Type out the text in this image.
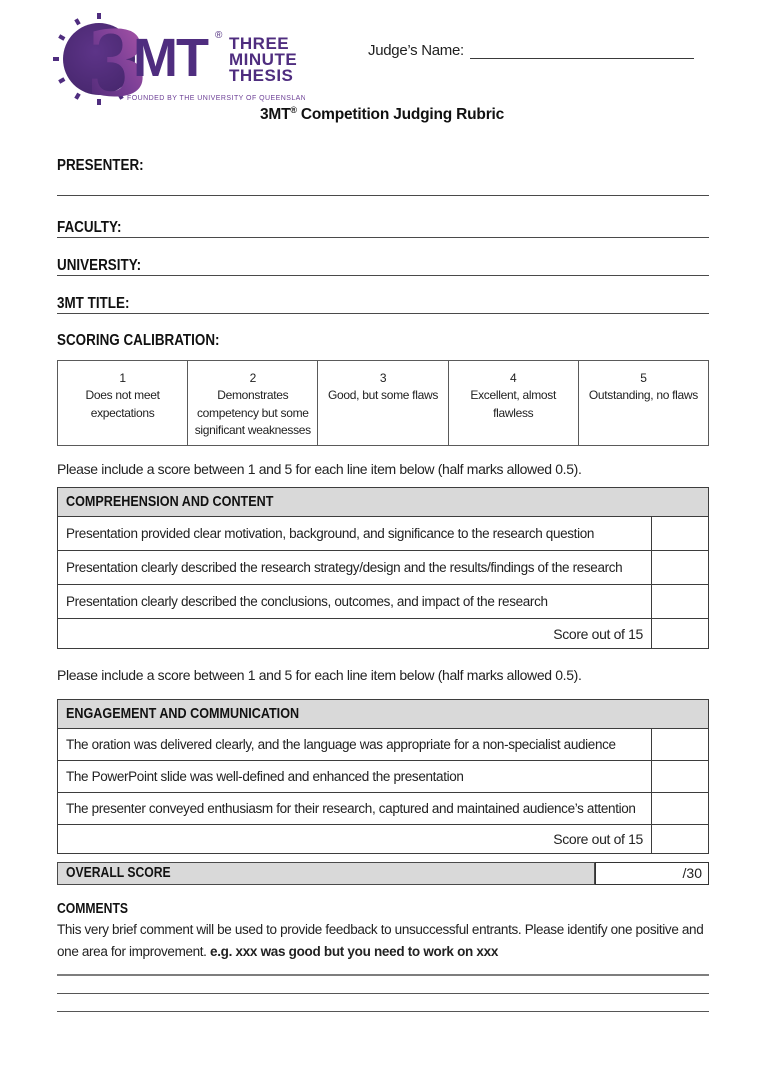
3
MT ® THREE
MINUTE
THESIS
FOUNDED BY THE UNIVERSITY OF QUEENSLAND
Judge’s Name:
3MT® Competition Judging Rubric
PRESENTER:
FACULTY:
UNIVERSITY:
3MT TITLE:
SCORING CALIBRATION:
1
Does not meet expectations
2
Demonstrates competency but some significant weaknesses
3
Good, but some flaws
4
Excellent, almost flawless
5
Outstanding, no flaws
Please include a score between 1 and 5 for each line item below (half marks allowed 0.5).
COMPREHENSION AND CONTENT
Presentation provided clear motivation, background, and significance to the research question
Presentation clearly described the research strategy/design and the results/findings of the research
Presentation clearly described the conclusions, outcomes, and impact of the research
Score out of 15
Please include a score between 1 and 5 for each line item below (half marks allowed 0.5).
ENGAGEMENT AND COMMUNICATION
The oration was delivered clearly, and the language was appropriate for a non-specialist audience
The PowerPoint slide was well-defined and enhanced the presentation
The presenter conveyed enthusiasm for their research, captured and maintained audience’s attention
Score out of 15
OVERALL SCORE	/30
COMMENTS
This very brief comment will be used to provide feedback to unsuccessful entrants. Please identify one positive and one area for improvement. e.g. xxx was good but you need to work on xxx
